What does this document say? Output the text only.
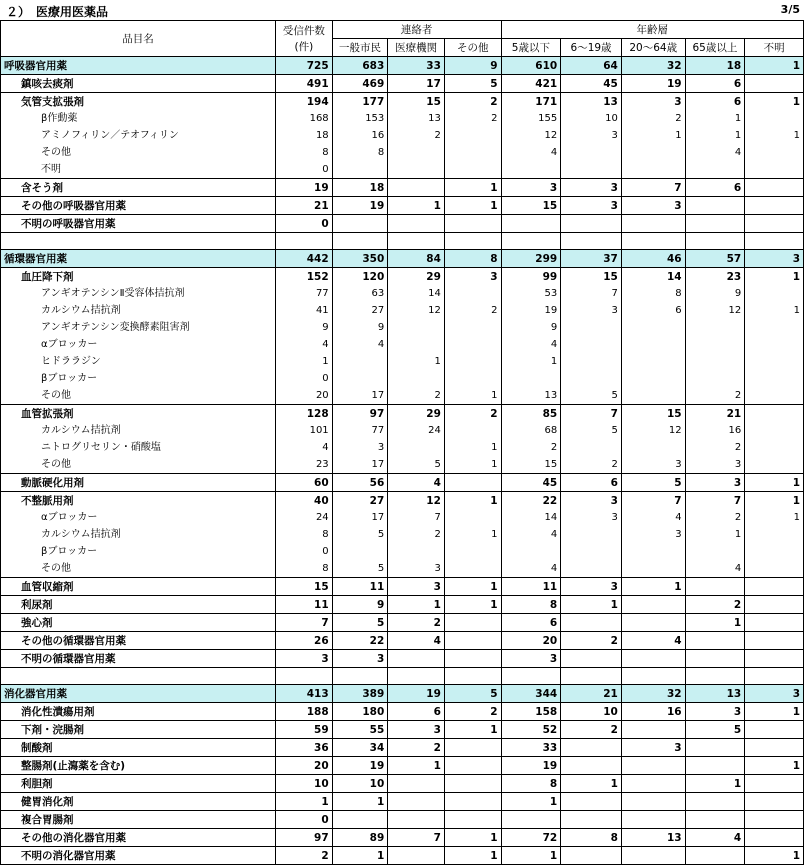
２）　医療用医薬品	3/5
品目名	受信件数
(件)	連絡者			年齢層				
		一般市民	医療機関	その他	5歳以下	6～19歳	20～64歳	65歳以上	不明
呼吸器官用薬	725	683	33	9	610	64	32	18	1
鎮咳去痰剤	491	469	17	5	421	45	19	6	
気管支拡張剤	194	177	15	2	171	13	3	6	1
β作動薬	168	153	13	2	155	10	2	1	
アミノフィリン／テオフィリン	18	16	2		12	3	1	1	1
その他	8	8			4			4	
不明	0								
含そう剤	19	18		1	3	3	7	6	
その他の呼吸器官用薬	21	19	1	1	15	3	3		
不明の呼吸器官用薬	0								

循環器官用薬	442	350	84	8	299	37	46	57	3
血圧降下剤	152	120	29	3	99	15	14	23	1
アンギオテンシンⅡ受容体拮抗剤	77	63	14		53	7	8	9	
カルシウム拮抗剤	41	27	12	2	19	3	6	12	1
アンギオテンシン変換酵素阻害剤	9	9			9				
αブロッカー	4	4			4				
ヒドララジン	1		1		1				
βブロッカー	0								
その他	20	17	2	1	13	5		2	
血管拡張剤	128	97	29	2	85	7	15	21	
カルシウム拮抗剤	101	77	24		68	5	12	16	
ニトログリセリン・硝酸塩	4	3		1	2			2	
その他	23	17	5	1	15	2	3	3	
動脈硬化用剤	60	56	4		45	6	5	3	1
不整脈用剤	40	27	12	1	22	3	7	7	1
αブロッカー	24	17	7		14	3	4	2	1
カルシウム拮抗剤	8	5	2	1	4		3	1	
βブロッカー	0								
その他	8	5	3		4			4	
血管収縮剤	15	11	3	1	11	3	1		
利尿剤	11	9	1	1	8	1		2	
強心剤	7	5	2		6			1	
その他の循環器官用薬	26	22	4		20	2	4		
不明の循環器官用薬	3	3			3				

消化器官用薬	413	389	19	5	344	21	32	13	3
消化性潰瘍用剤	188	180	6	2	158	10	16	3	1
下剤・浣腸剤	59	55	3	1	52	2		5	
制酸剤	36	34	2		33		3		
整腸剤(止瀉薬を含む)	20	19	1		19				1
利胆剤	10	10			8	1		1	
健胃消化剤	1	1			1				
複合胃腸剤	0								
その他の消化器官用薬	97	89	7	1	72	8	13	4	
不明の消化器官用薬	2	1		1	1				1
